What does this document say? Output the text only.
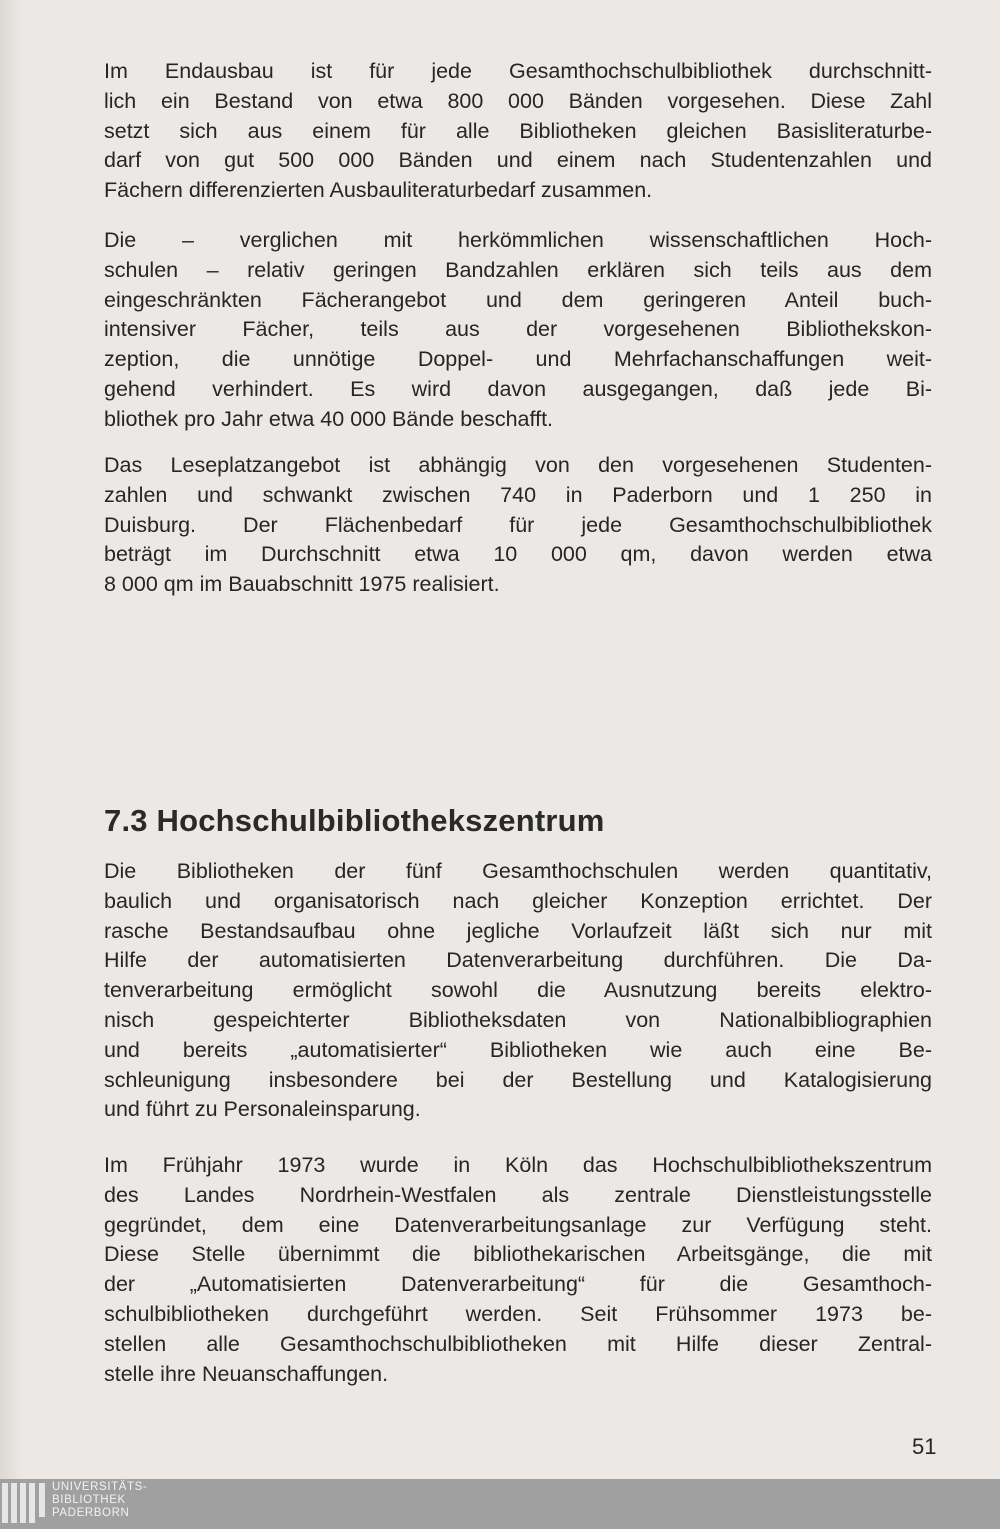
Im Endausbau ist für jede Gesamthochschulbibliothek durchschnitt-
lich ein Bestand von etwa 800 000 Bänden vorgesehen. Diese Zahl
setzt sich aus einem für alle Bibliotheken gleichen Basisliteraturbe-
darf von gut 500 000 Bänden und einem nach Studentenzahlen und
Fächern differenzierten Ausbauliteraturbedarf zusammen.
Die – verglichen mit herkömmlichen wissenschaftlichen Hoch-
schulen – relativ geringen Bandzahlen erklären sich teils aus dem
eingeschränkten Fächerangebot und dem geringeren Anteil buch-
intensiver Fächer, teils aus der vorgesehenen Bibliothekskon-
zeption, die unnötige Doppel- und Mehrfachanschaffungen weit-
gehend verhindert. Es wird davon ausgegangen, daß jede Bi-
bliothek pro Jahr etwa 40 000 Bände beschafft.
Das Leseplatzangebot ist abhängig von den vorgesehenen Studenten-
zahlen und schwankt zwischen 740 in Paderborn und 1 250 in
Duisburg. Der Flächenbedarf für jede Gesamthochschulbibliothek
beträgt im Durchschnitt etwa 10 000 qm, davon werden etwa
8 000 qm im Bauabschnitt 1975 realisiert.
7.3 Hochschulbibliothekszentrum
Die Bibliotheken der fünf Gesamthochschulen werden quantitativ,
baulich und organisatorisch nach gleicher Konzeption errichtet. Der
rasche Bestandsaufbau ohne jegliche Vorlaufzeit läßt sich nur mit
Hilfe der automatisierten Datenverarbeitung durchführen. Die Da-
tenverarbeitung ermöglicht sowohl die Ausnutzung bereits elektro-
nisch gespeichterter Bibliotheksdaten von Nationalbibliographien
und bereits „automatisierter“ Bibliotheken wie auch eine Be-
schleunigung insbesondere bei der Bestellung und Katalogisierung
und führt zu Personaleinsparung.
Im Frühjahr 1973 wurde in Köln das Hochschulbibliothekszentrum
des Landes Nordrhein-Westfalen als zentrale Dienstleistungsstelle
gegründet, dem eine Datenverarbeitungsanlage zur Verfügung steht.
Diese Stelle übernimmt die bibliothekarischen Arbeitsgänge, die mit
der „Automatisierten Datenverarbeitung“ für die Gesamthoch-
schulbibliotheken durchgeführt werden. Seit Frühsommer 1973 be-
stellen alle Gesamthochschulbibliotheken mit Hilfe dieser Zentral-
stelle ihre Neuanschaffungen.
51
UNIVERSITÄTS-
BIBLIOTHEK
PADERBORN
